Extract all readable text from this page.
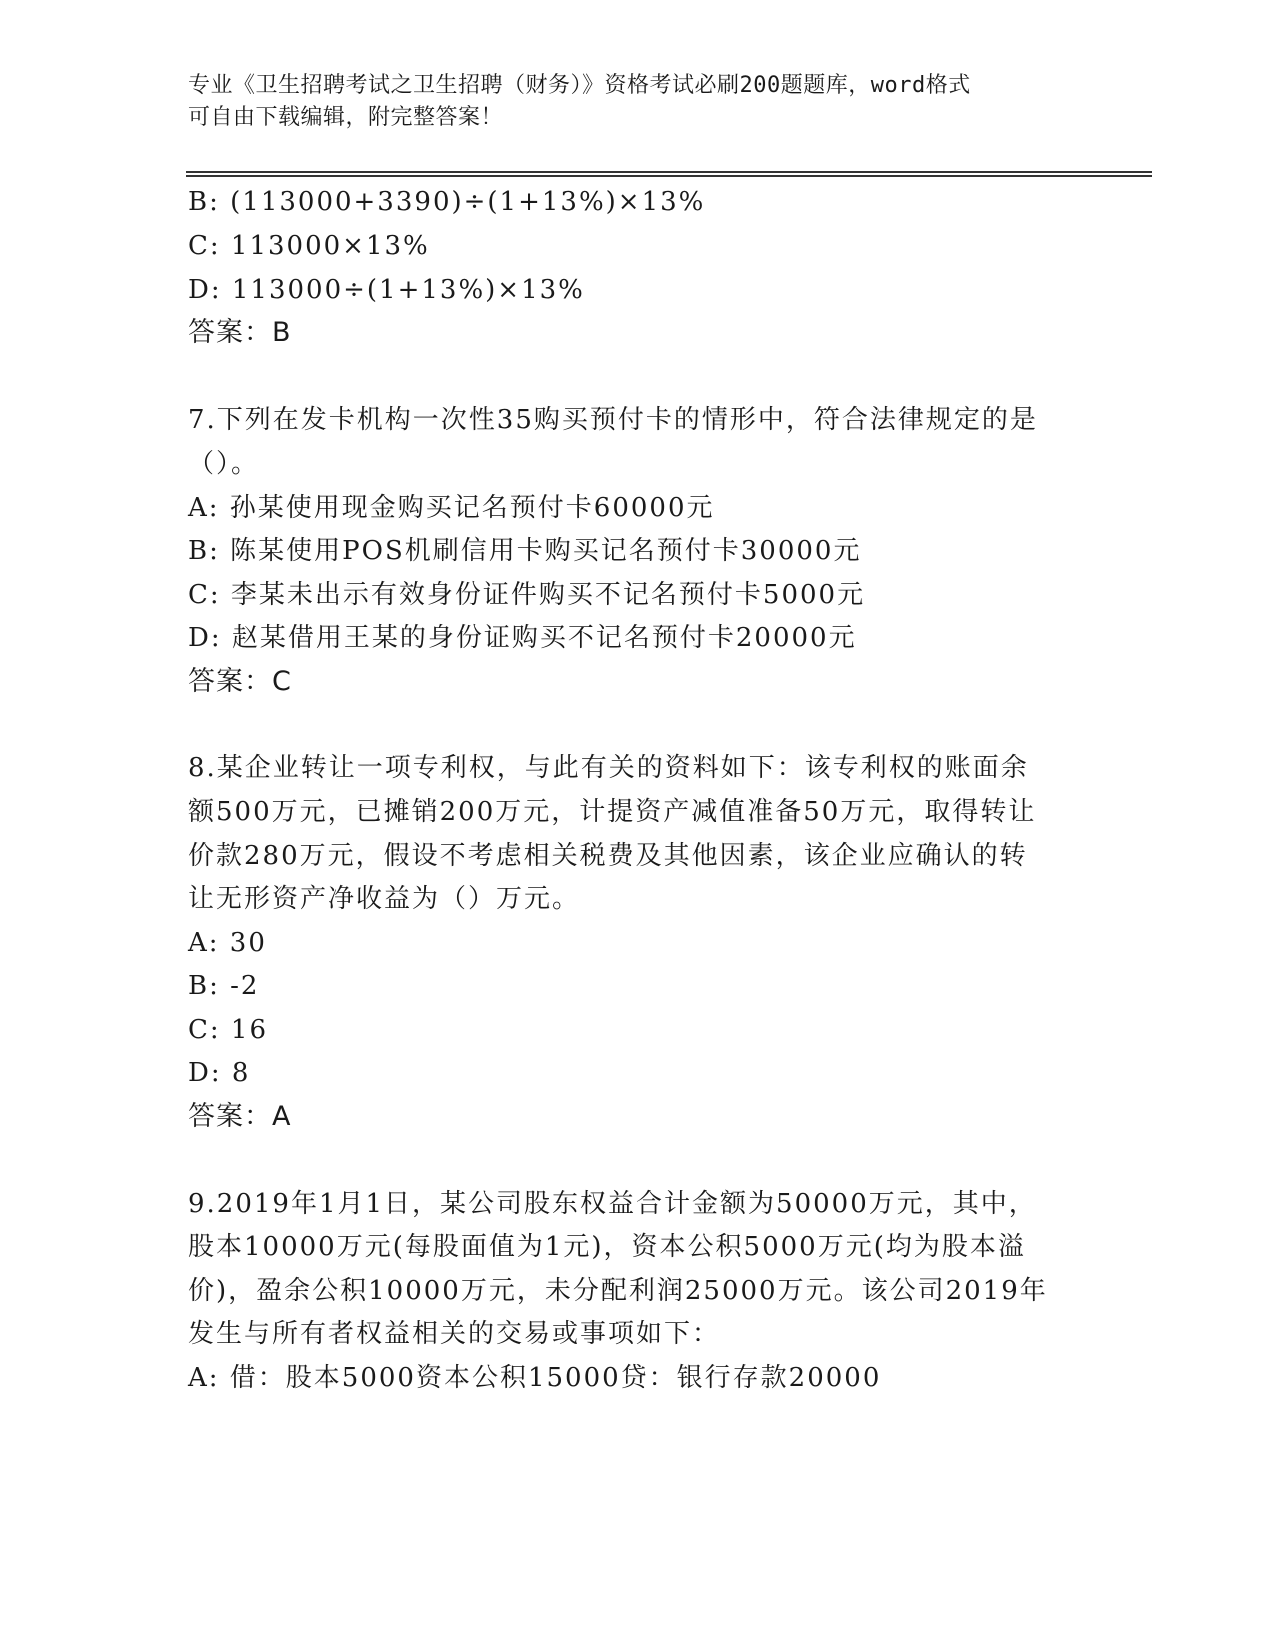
专业《卫生招聘考试之卫生招聘（财务）》资格考试必刷200题题库，word格式
可自由下载编辑，附完整答案！
B: (113000+3390)÷(1+13%)×13%
C: 113000×13%
D: 113000÷(1+13%)×13%
答案：B
7.下列在发卡机构一次性35购买预付卡的情形中，符合法律规定的是
（）。
A: 孙某使用现金购买记名预付卡60000元
B: 陈某使用POS机刷信用卡购买记名预付卡30000元
C: 李某未出示有效身份证件购买不记名预付卡5000元
D: 赵某借用王某的身份证购买不记名预付卡20000元
答案：C
8.某企业转让一项专利权，与此有关的资料如下：该专利权的账面余
额500万元，已摊销200万元，计提资产减值准备50万元，取得转让
价款280万元，假设不考虑相关税费及其他因素，该企业应确认的转
让无形资产净收益为（）万元。
A: 30
B: -2
C: 16
D: 8
答案：A
9.2019年1月1日，某公司股东权益合计金额为50000万元，其中，
股本10000万元(每股面值为1元)，资本公积5000万元(均为股本溢
价)，盈余公积10000万元，未分配利润25000万元。该公司2019年
发生与所有者权益相关的交易或事项如下：
A: 借：股本5000资本公积15000贷：银行存款20000
